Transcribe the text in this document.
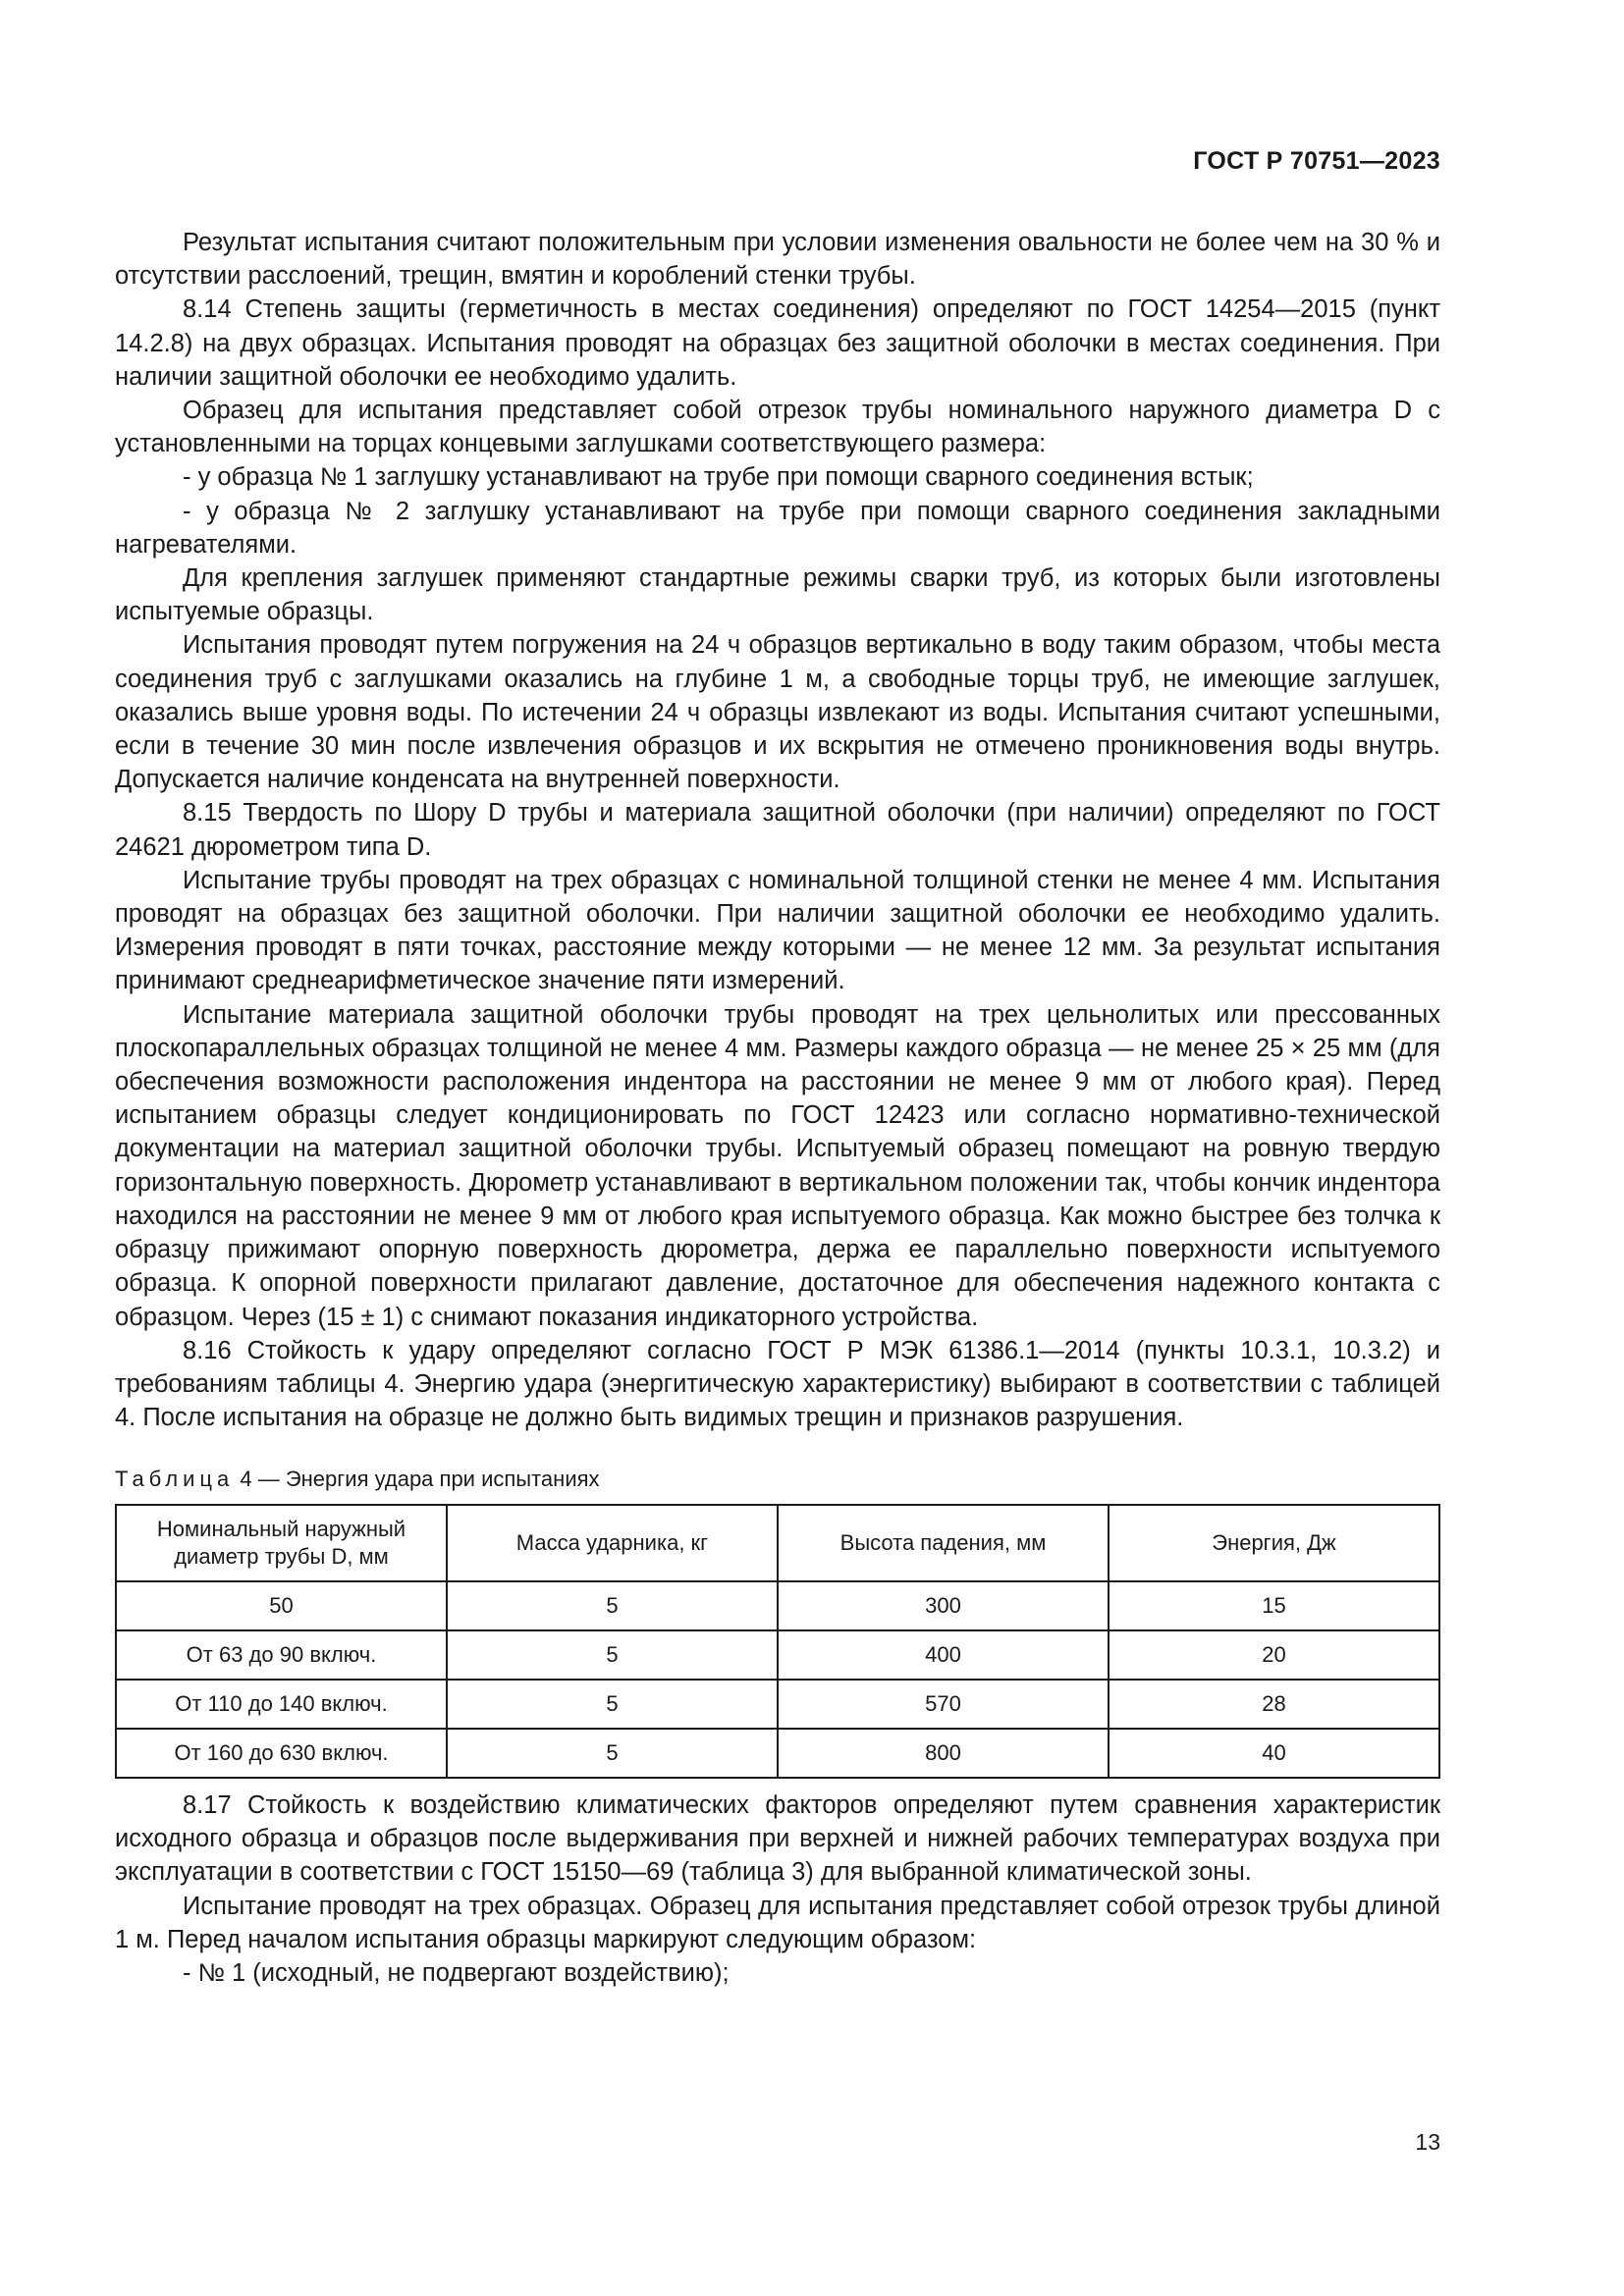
ГОСТ Р 70751—2023

Результат испытания считают положительным при условии изменения овальности не более чем на 30 % и отсутствии расслоений, трещин, вмятин и короблений стенки трубы.

8.14 Степень защиты (герметичность в местах соединения) определяют по ГОСТ 14254—2015 (пункт 14.2.8) на двух образцах. Испытания проводят на образцах без защитной оболочки в местах соединения. При наличии защитной оболочки ее необходимо удалить.

Образец для испытания представляет собой отрезок трубы номинального наружного диаметра D с установленными на торцах концевыми заглушками соответствующего размера:

- у образца № 1 заглушку устанавливают на трубе при помощи сварного соединения встык;

- у образца № 2 заглушку устанавливают на трубе при помощи сварного соединения закладными нагревателями.

Для крепления заглушек применяют стандартные режимы сварки труб, из которых были изготовлены испытуемые образцы.

Испытания проводят путем погружения на 24 ч образцов вертикально в воду таким образом, чтобы места соединения труб с заглушками оказались на глубине 1 м, а свободные торцы труб, не имеющие заглушек, оказались выше уровня воды. По истечении 24 ч образцы извлекают из воды. Испытания считают успешными, если в течение 30 мин после извлечения образцов и их вскрытия не отмечено проникновения воды внутрь. Допускается наличие конденсата на внутренней поверхности.

8.15 Твердость по Шору D трубы и материала защитной оболочки (при наличии) определяют по ГОСТ 24621 дюрометром типа D.

Испытание трубы проводят на трех образцах с номинальной толщиной стенки не менее 4 мм. Испытания проводят на образцах без защитной оболочки. При наличии защитной оболочки ее необходимо удалить. Измерения проводят в пяти точках, расстояние между которыми — не менее 12 мм. За результат испытания принимают среднеарифметическое значение пяти измерений.

Испытание материала защитной оболочки трубы проводят на трех цельнолитых или прессованных плоскопараллельных образцах толщиной не менее 4 мм. Размеры каждого образца — не менее 25 × 25 мм (для обеспечения возможности расположения индентора на расстоянии не менее 9 мм от любого края). Перед испытанием образцы следует кондиционировать по ГОСТ 12423 или согласно нормативно-технической документации на материал защитной оболочки трубы. Испытуемый образец помещают на ровную твердую горизонтальную поверхность. Дюрометр устанавливают в вертикальном положении так, чтобы кончик индентора находился на расстоянии не менее 9 мм от любого края испытуемого образца. Как можно быстрее без толчка к образцу прижимают опорную поверхность дюрометра, держа ее параллельно поверхности испытуемого образца. К опорной поверхности прилагают давление, достаточное для обеспечения надежного контакта с образцом. Через (15 ± 1) с снимают показания индикаторного устройства.

8.16 Стойкость к удару определяют согласно ГОСТ Р МЭК 61386.1—2014 (пункты 10.3.1, 10.3.2) и требованиям таблицы 4. Энергию удара (энергитическую характеристику) выбирают в соответствии с таблицей 4. После испытания на образце не должно быть видимых трещин и признаков разрушения.

Таблица 4 — Энергия удара при испытаниях
Номинальный наружный диаметр трубы D, мм	Масса ударника, кг	Высота падения, мм	Энергия, Дж
50	5	300	15
От 63 до 90 включ.	5	400	20
От 110 до 140 включ.	5	570	28
От 160 до 630 включ.	5	800	40

8.17 Стойкость к воздействию климатических факторов определяют путем сравнения характеристик исходного образца и образцов после выдерживания при верхней и нижней рабочих температурах воздуха при эксплуатации в соответствии с ГОСТ 15150—69 (таблица 3) для выбранной климатической зоны.

Испытание проводят на трех образцах. Образец для испытания представляет собой отрезок трубы длиной 1 м. Перед началом испытания образцы маркируют следующим образом:

- № 1 (исходный, не подвергают воздействию);

13
